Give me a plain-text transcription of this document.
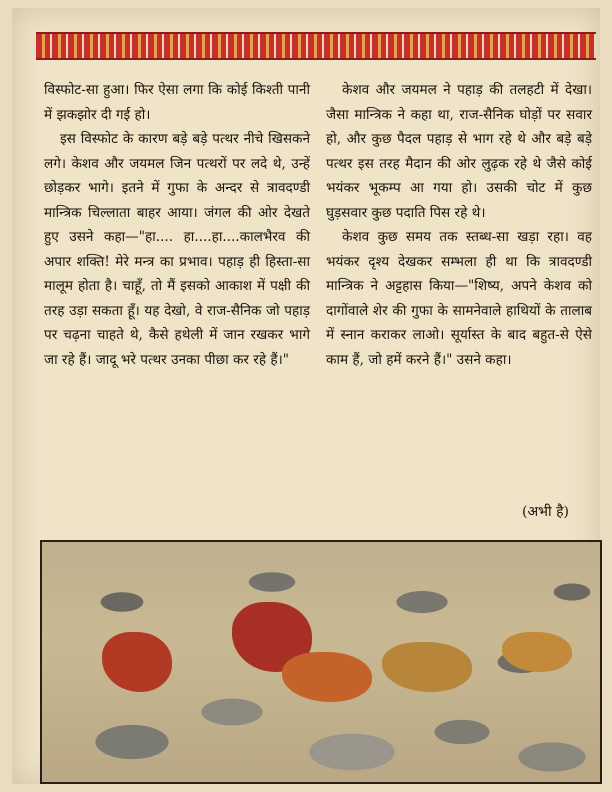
विस्फोट-सा हुआ। फिर ऐसा लगा कि कोई किश्ती पानी में झकझोर दी गई हो।

इस विस्फोट के कारण बड़े बड़े पत्थर नीचे खिसकने लगे। केशव और जयमल जिन पत्थरों पर लदे थे, उन्हें छोड़कर भागे। इतने में गुफा के अन्दर से त्रावदण्डी मान्त्रिक चिल्लाता बाहर आया। जंगल की ओर देखते हुए उसने कहा—"हा.... हा....हा....कालभैरव की अपार शक्ति! मेरे मन्त्र का प्रभाव। पहाड़ ही हिस्ता-सा मालूम होता है। चाहूँ, तो मैं इसको आकाश में पक्षी की तरह उड़ा सकता हूँ। यह देखो, वे राज-सैनिक जो पहाड़ पर चढ़ना चाहते थे, कैसे हथेली में जान रखकर भागे जा रहे हैं। जादू भरे पत्थर उनका पीछा कर रहे हैं।"

केशव और जयमल ने पहाड़ की तलहटी में देखा। जैसा मान्त्रिक ने कहा था, राज-सैनिक घोड़ों पर सवार हो, और कुछ पैदल पहाड़ से भाग रहे थे और बड़े बड़े पत्थर इस तरह मैदान की ओर लुढ़क रहे थे जैसे कोई भयंकर भूकम्प आ गया हो। उसकी चोट में कुछ घुड़सवार कुछ पदाति पिस रहे थे।

केशव कुछ समय तक स्तब्ध-सा खड़ा रहा। वह भयंकर दृश्य देखकर सम्भला ही था कि त्रावदण्डी मान्त्रिक ने अट्टहास किया—"शिष्य, अपने केशव को दागोंवाले शेर की गुफा के सामनेवाले हाथियों के तालाब में स्नान कराकर लाओ। सूर्यास्त के बाद बहुत-से ऐसे काम हैं, जो हमें करने हैं।" उसने कहा।

(अभी है)
